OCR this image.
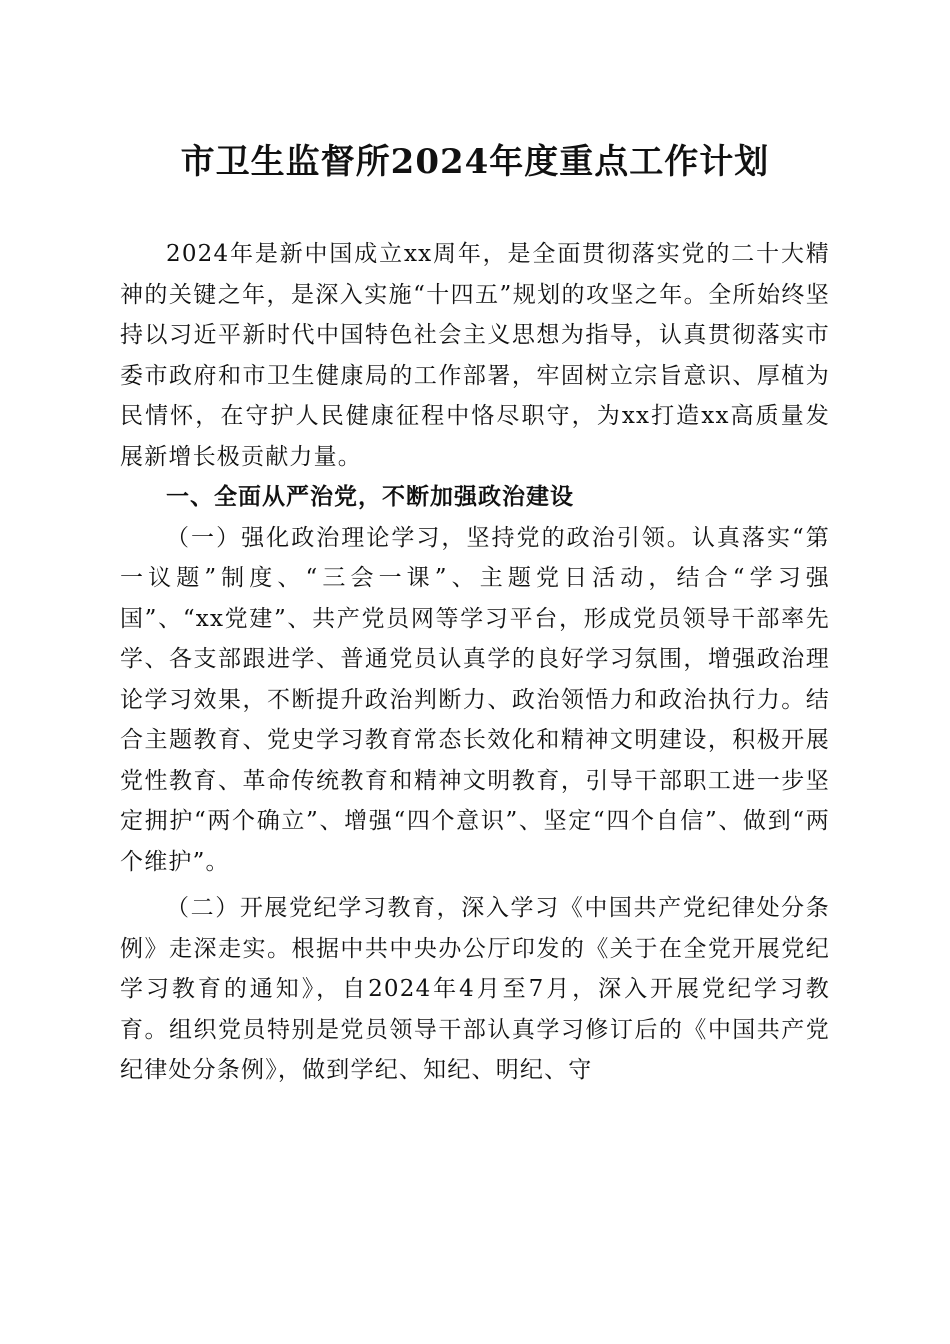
市卫生监督所2024年度重点工作计划

2024年是新中国成立xx周年，是全面贯彻落实党的二十大精神的关键之年，是深入实施“十四五”规划的攻坚之年。全所始终坚持以习近平新时代中国特色社会主义思想为指导，认真贯彻落实市委市政府和市卫生健康局的工作部署，牢固树立宗旨意识、厚植为民情怀，在守护人民健康征程中恪尽职守，为xx打造xx高质量发展新增长极贡献力量。

一、全面从严治党，不断加强政治建设

（一）强化政治理论学习，坚持党的政治引领。认真落实“第一议题”制度、“三会一课”、主题党日活动，结合“学习强国”、“xx党建”、共产党员网等学习平台，形成党员领导干部率先学、各支部跟进学、普通党员认真学的良好学习氛围，增强政治理论学习效果，不断提升政治判断力、政治领悟力和政治执行力。结合主题教育、党史学习教育常态长效化和精神文明建设，积极开展党性教育、革命传统教育和精神文明教育，引导干部职工进一步坚定拥护“两个确立”、增强“四个意识”、坚定“四个自信”、做到“两个维护”。

（二）开展党纪学习教育，深入学习《中国共产党纪律处分条例》走深走实。根据中共中央办公厅印发的《关于在全党开展党纪学习教育的通知》，自2024年4月至7月，深入开展党纪学习教育。组织党员特别是党员领导干部认真学习修订后的《中国共产党纪律处分条例》，做到学纪、知纪、明纪、守
